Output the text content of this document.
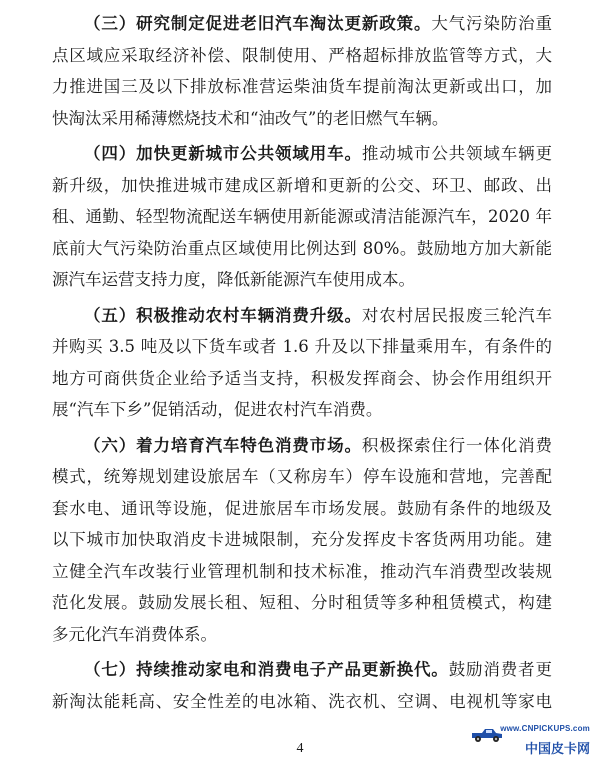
（三）研究制定促进老旧汽车淘汰更新政策。大气污染防治重

点区域应采取经济补偿、限制使用、严格超标排放监管等方式，大

力推进国三及以下排放标准营运柴油货车提前淘汰更新或出口，加

快淘汰采用稀薄燃烧技术和“油改气”的老旧燃气车辆。

（四）加快更新城市公共领域用车。推动城市公共领域车辆更

新升级，加快推进城市建成区新增和更新的公交、环卫、邮政、出

租、通勤、轻型物流配送车辆使用新能源或清洁能源汽车，2020 年

底前大气污染防治重点区域使用比例达到 80%。鼓励地方加大新能

源汽车运营支持力度，降低新能源汽车使用成本。

（五）积极推动农村车辆消费升级。对农村居民报废三轮汽车

并购买 3.5 吨及以下货车或者 1.6 升及以下排量乘用车，有条件的

地方可商供货企业给予适当支持，积极发挥商会、协会作用组织开

展“汽车下乡”促销活动，促进农村汽车消费。

（六）着力培育汽车特色消费市场。积极探索住行一体化消费

模式，统筹规划建设旅居车（又称房车）停车设施和营地，完善配

套水电、通讯等设施，促进旅居车市场发展。鼓励有条件的地级及

以下城市加快取消皮卡进城限制，充分发挥皮卡客货两用功能。建

立健全汽车改装行业管理机制和技术标准，推动汽车消费型改装规

范化发展。鼓励发展长租、短租、分时租赁等多种租赁模式，构建

多元化汽车消费体系。

（七）持续推动家电和消费电子产品更新换代。鼓励消费者更

新淘汰能耗高、安全性差的电冰箱、洗衣机、空调、电视机等家电

4
www.CNPICKUPS.com
中国皮卡网
